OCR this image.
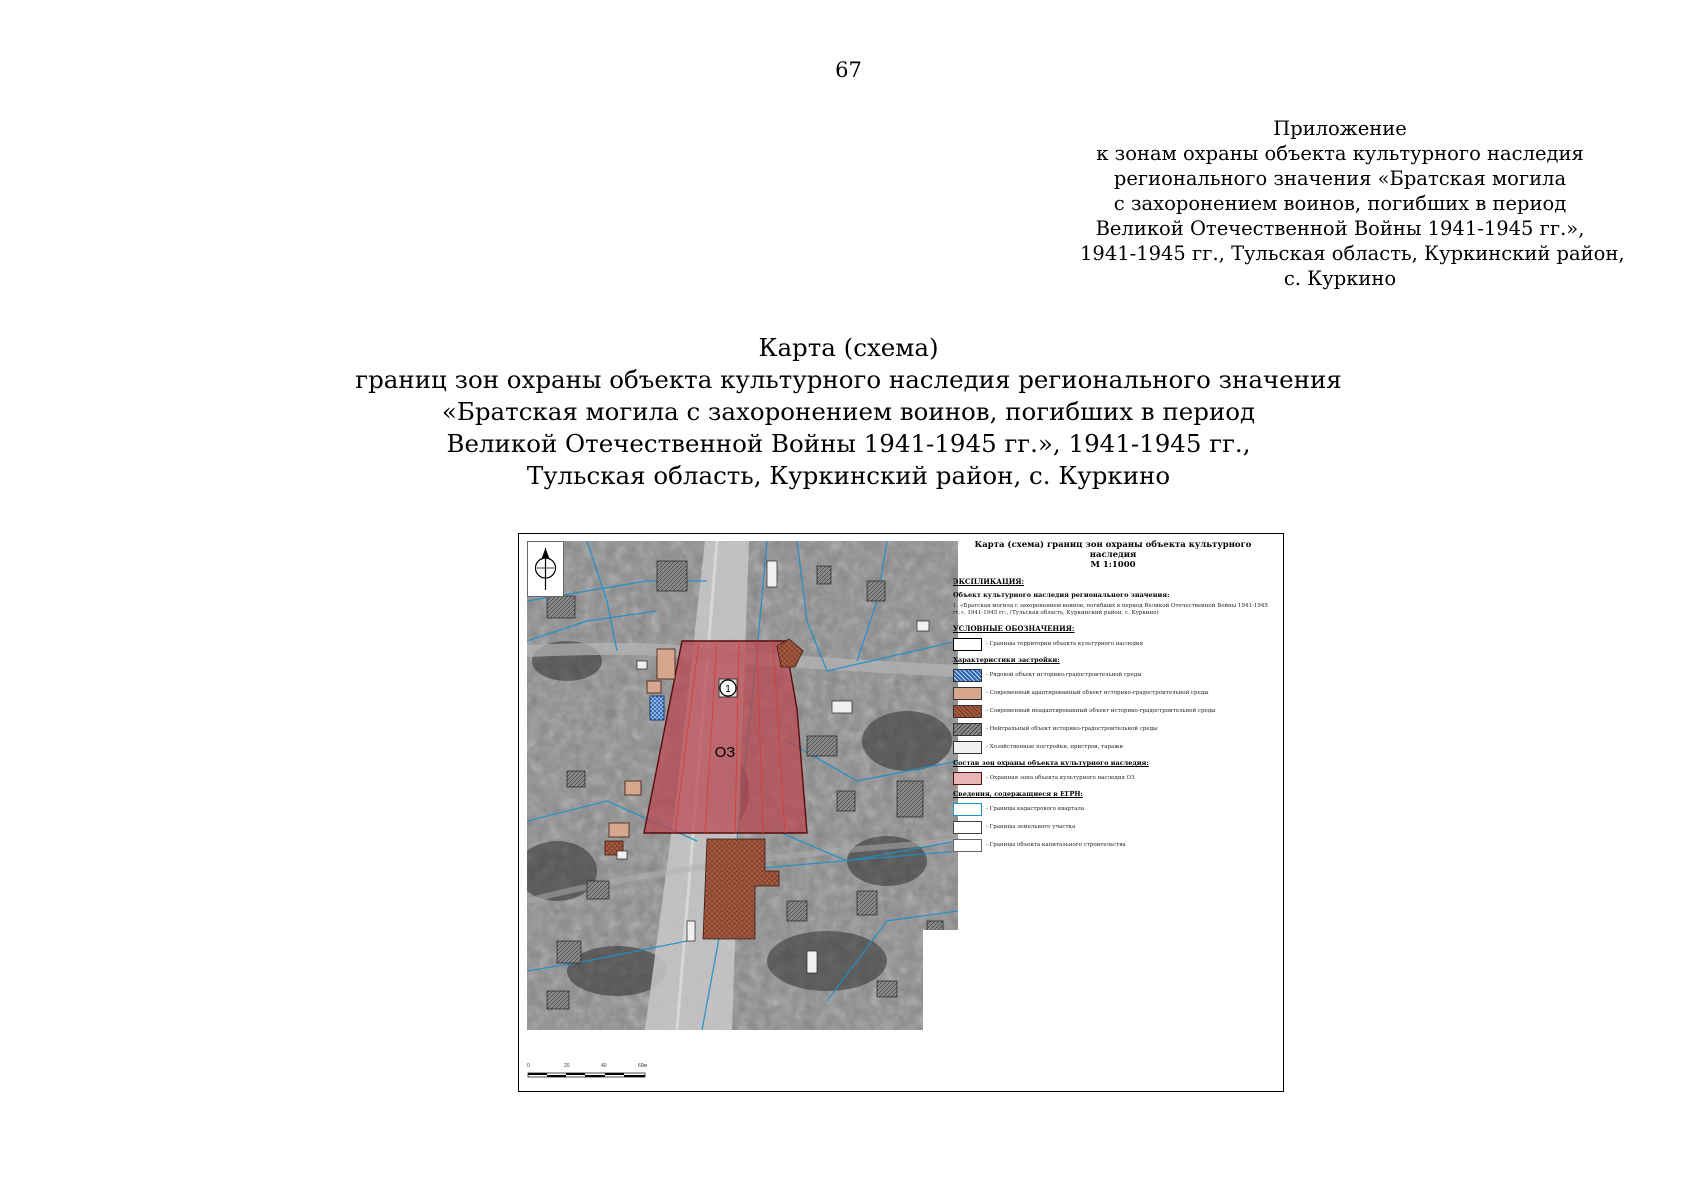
67
Приложение
к зонам охраны объекта культурного наследия
регионального значения «Братская могила
с захоронением воинов, погибших в период
Великой Отечественной Войны 1941-1945 гг.»,
1941-1945 гг., Тульская область, Куркинский район,
с. Куркино
Карта (схема)
границ зон охраны объекта культурного наследия регионального значения
«Братская могила с захоронением воинов, погибших в период
Великой Отечественной Войны 1941-1945 гг.», 1941-1945 гг.,
Тульская область, Куркинский район, с. Куркино
1
ОЗ
0	20	40	60м
Карта (схема) границ зон охраны объекта культурного наследия
М 1:1000
ЭКСПЛИКАЦИЯ:
Объект культурного наследия регионального значения:
1. «Братская могила с захоронением воинов, погибших в период Великой Отечественной Войны 1941-1945 гг.», 1941-1945 гг., (Тульская область, Куркинский район, с. Куркино)
УСЛОВНЫЕ ОБОЗНАЧЕНИЯ:
- Границы территории объекта культурного наследия
Характеристики застройки:
- Рядовой объект историко-градостроительной среды
- Современный адаптированный объект историко-градостроительной среды
- Современный неадаптированный объект историко-градостроительной среды
- Нейтральный объект историко-градостроительной среды
- Хозяйственные постройки, пристрои, гаражи
Состав зон охраны объекта культурного наследия:
- Охранная зона объекта культурного наследия ОЗ
Сведения, содержащиеся в ЕГРН:
- Границы кадастрового квартала
- Границы земельного участка
- Границы объекта капитального строительства
